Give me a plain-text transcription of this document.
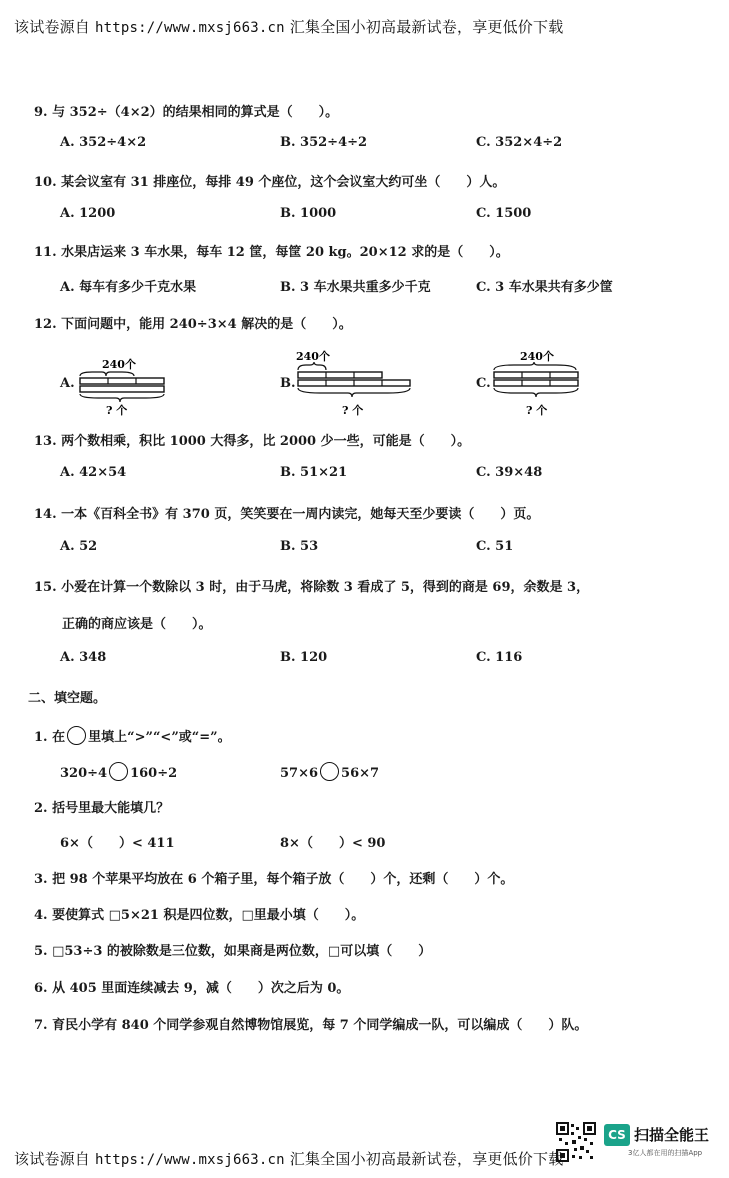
该试卷源自 https://www.mxsj663.cn 汇集全国小初高最新试卷，享更低价下载
9. 与 352÷（4×2）的结果相同的算式是（　　）。
A. 352÷4×2	B. 352÷4÷2	C. 352×4÷2
10. 某会议室有 31 排座位，每排 49 个座位，这个会议室大约可坐（　　）人。
A. 1200	B. 1000	C. 1500
11. 水果店运来 3 车水果，每车 12 筐，每筐 20 kg。20×12 求的是（　　）。
A. 每车有多少千克水果	B. 3 车水果共重多少千克	C. 3 车水果共有多少筐
12. 下面问题中，能用 240÷3×4 解决的是（　　）。
A.
240个
? 个
B.
240个
? 个
C.
240个
? 个
13. 两个数相乘，积比 1000 大得多，比 2000 少一些，可能是（　　）。
A. 42×54	B. 51×21	C. 39×48
14. 一本《百科全书》有 370 页，笑笑要在一周内读完，她每天至少要读（　　）页。
A. 52	B. 53	C. 51
15. 小爱在计算一个数除以 3 时，由于马虎，将除数 3 看成了 5，得到的商是 69，余数是 3，
正确的商应该是（　　）。
A. 348	B. 120	C. 116
二、填空题。
1. 在 里填上“>”“<”或“=”。
320÷4 160÷2	57×6 56×7
2. 括号里最大能填几？
6×（　　）< 411	8×（　　）< 90
3. 把 98 个苹果平均放在 6 个箱子里，每个箱子放（　　）个，还剩（　　）个。
4. 要使算式 □5×21 积是四位数，□里最小填（　　）。
5. □53÷3 的被除数是三位数，如果商是两位数，□可以填（　　）
6. 从 405 里面连续减去 9，减（　　）次之后为 0。
7. 育民小学有 840 个同学参观自然博物馆展览，每 7 个同学编成一队，可以编成（　　）队。
CS 扫描全能王
3亿人都在用的扫描App
该试卷源自 https://www.mxsj663.cn 汇集全国小初高最新试卷，享更低价下载
